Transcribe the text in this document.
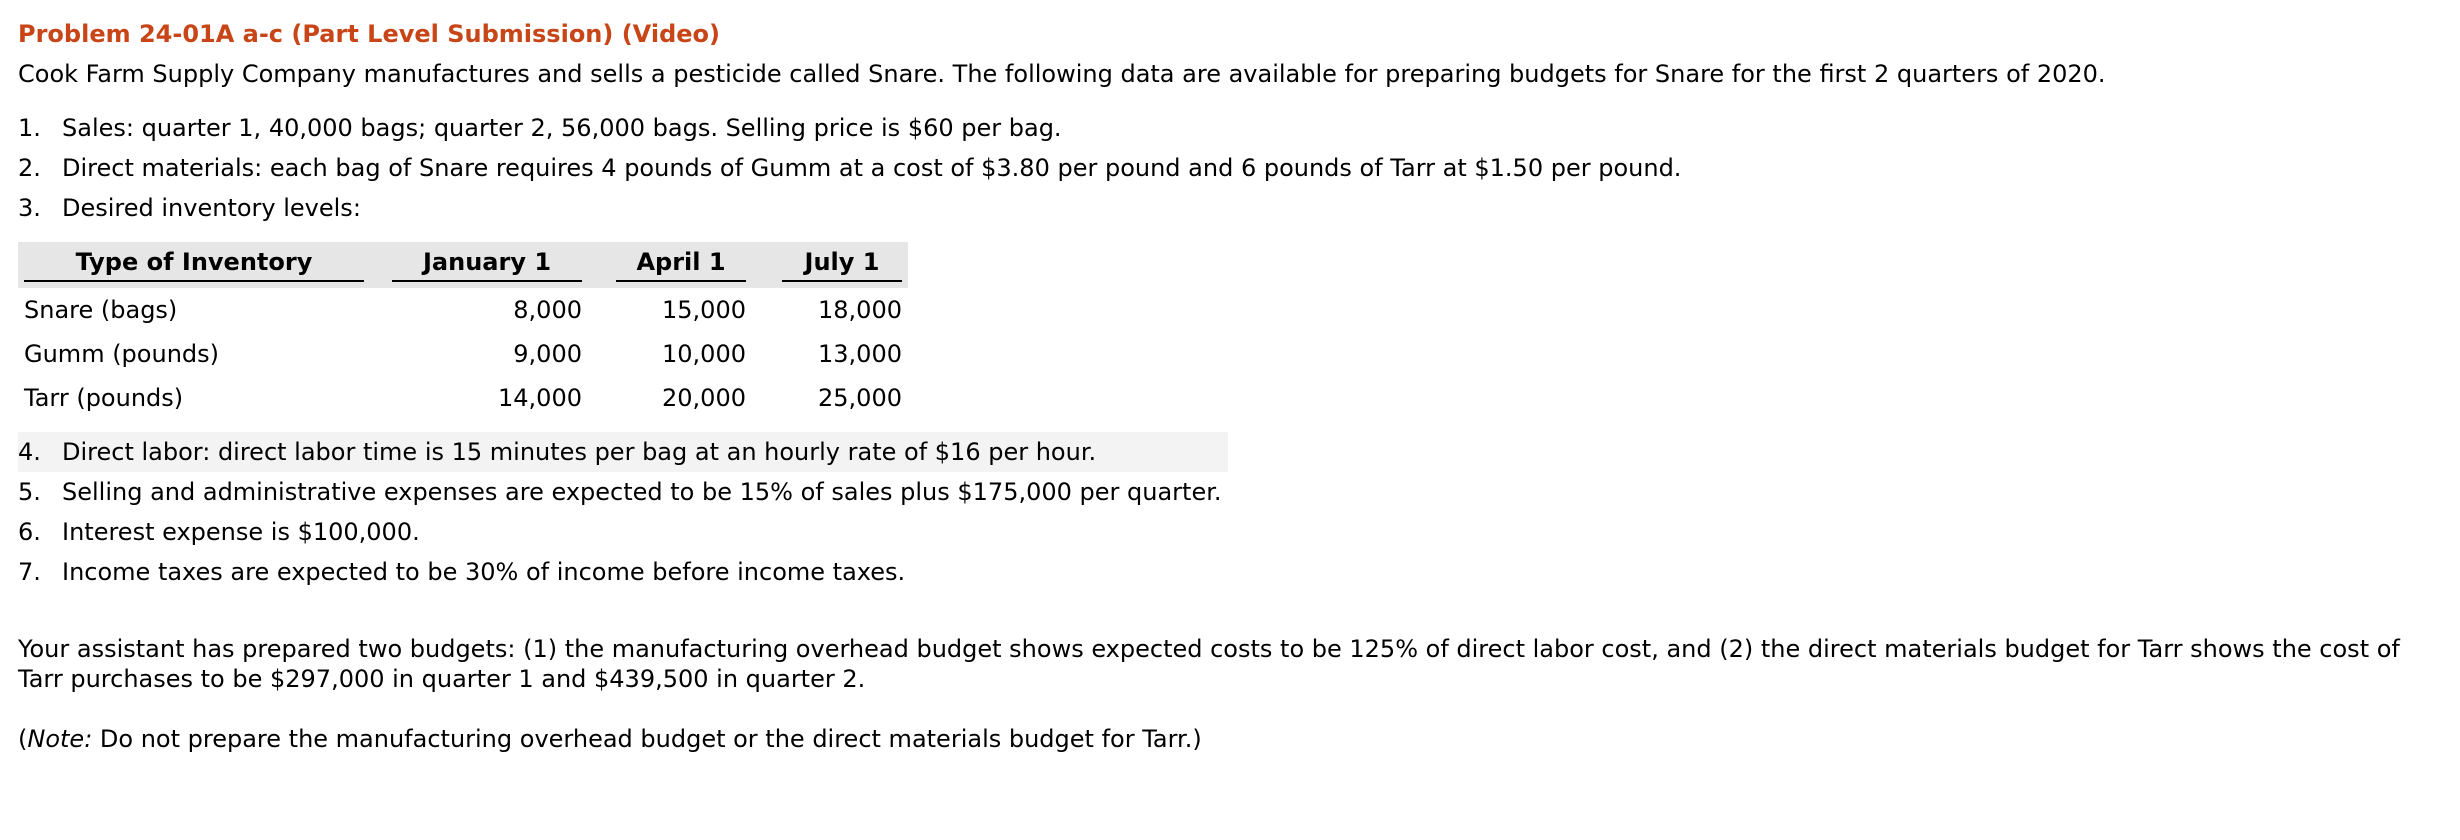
Problem 24-01A a-c (Part Level Submission) (Video)

Cook Farm Supply Company manufactures and sells a pesticide called Snare. The following data are available for preparing budgets for Snare for the first 2 quarters of 2020.

1. Sales: quarter 1, 40,000 bags; quarter 2, 56,000 bags. Selling price is $60 per bag.
2. Direct materials: each bag of Snare requires 4 pounds of Gumm at a cost of $3.80 per pound and 6 pounds of Tarr at $1.50 per pound.
3. Desired inventory levels:
Type of Inventory	January 1	April 1	July 1
Snare (bags)	8,000	15,000	18,000
Gumm (pounds)	9,000	10,000	13,000
Tarr (pounds)	14,000	20,000	25,000
4. Direct labor: direct labor time is 15 minutes per bag at an hourly rate of $16 per hour.
5. Selling and administrative expenses are expected to be 15% of sales plus $175,000 per quarter.
6. Interest expense is $100,000.
7. Income taxes are expected to be 30% of income before income taxes.

Your assistant has prepared two budgets: (1) the manufacturing overhead budget shows expected costs to be 125% of direct labor cost, and (2) the direct materials budget for Tarr shows the cost of Tarr purchases to be $297,000 in quarter 1 and $439,500 in quarter 2.

(Note: Do not prepare the manufacturing overhead budget or the direct materials budget for Tarr.)
